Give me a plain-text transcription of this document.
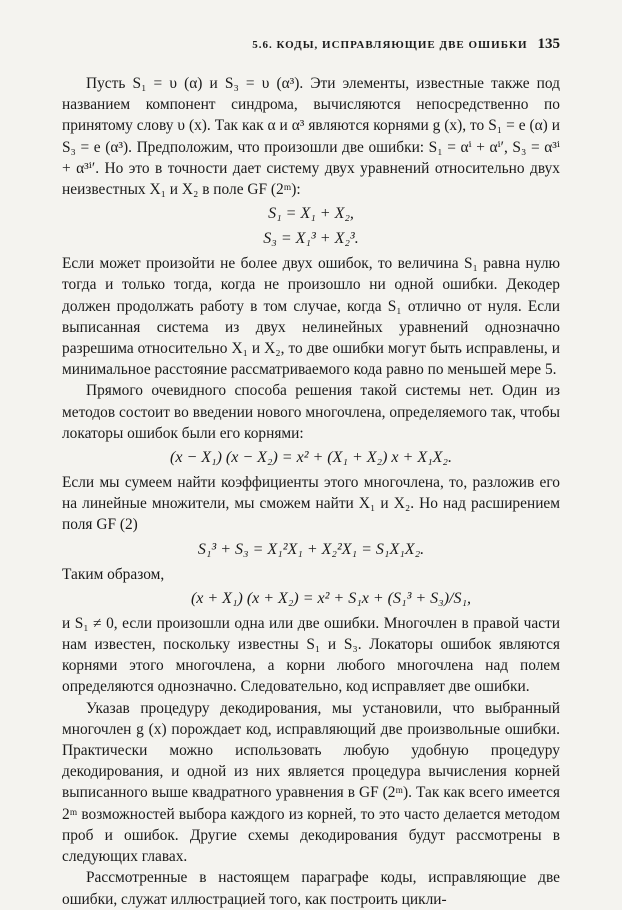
5.6. КОДЫ, ИСПРАВЛЯЮЩИЕ ДВЕ ОШИБКИ 135

Пусть S₁ = υ (α) и S₃ = υ (α³). Эти элементы, известные также под названием компонент синдрома, вычисляются непосредственно по принятому слову υ (x). Так как α и α³ являются корнями g (x), то S₁ = e (α) и S₃ = e (α³). Предположим, что произошли две ошибки: S₁ = αⁱ + αⁱ′, S₃ = α³ⁱ + α³ⁱ′. Но это в точности дает систему двух уравнений относительно двух неизвестных X₁ и X₂ в поле GF (2ᵐ):

S₁ = X₁ + X₂,
S₃ = X₁³ + X₂³.

Если может произойти не более двух ошибок, то величина S₁ равна нулю тогда и только тогда, когда не произошло ни одной ошибки. Декодер должен продолжать работу в том случае, когда S₁ отлично от нуля. Если выписанная система из двух нелинейных уравнений однозначно разрешима относительно X₁ и X₂, то две ошибки могут быть исправлены, и минимальное расстояние рассматриваемого кода равно по меньшей мере 5.

Прямого очевидного способа решения такой системы нет. Один из методов состоит во введении нового многочлена, определяемого так, чтобы локаторы ошибок были его корнями:

(x − X₁) (x − X₂) = x² + (X₁ + X₂) x + X₁X₂.

Если мы сумеем найти коэффициенты этого многочлена, то, разложив его на линейные множители, мы сможем найти X₁ и X₂. Но над расширением поля GF (2)

S₁³ + S₃ = X₁²X₁ + X₂²X₁ = S₁X₁X₂.

Таким образом,

(x + X₁) (x + X₂) = x² + S₁x + (S₁³ + S₃)/S₁,

и S₁ ≠ 0, если произошли одна или две ошибки. Многочлен в правой части нам известен, поскольку известны S₁ и S₃. Локаторы ошибок являются корнями этого многочлена, а корни любого многочлена над полем определяются однозначно. Следовательно, код исправляет две ошибки.

Указав процедуру декодирования, мы установили, что выбранный многочлен g (x) порождает код, исправляющий две произвольные ошибки. Практически можно использовать любую удобную процедуру декодирования, и одной из них является процедура вычисления корней выписанного выше квадратного уравнения в GF (2ᵐ). Так как всего имеется 2ᵐ возможностей выбора каждого из корней, то это часто делается методом проб и ошибок. Другие схемы декодирования будут рассмотрены в следующих главах.

Рассмотренные в настоящем параграфе коды, исправляющие две ошибки, служат иллюстрацией того, как построить цикли-
